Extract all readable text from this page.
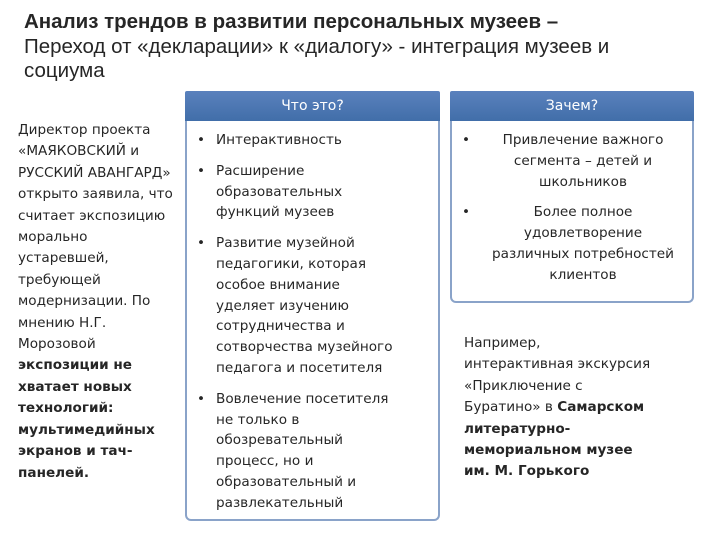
Анализ трендов в развитии персональных музеев –
Переход от «декларации» к «диалогу» - интеграция музеев и
социума
Директор проекта
«МАЯКОВСКИЙ и
РУССКИЙ АВАНГАРД»
открыто заявила, что
считает экспозицию
морально
устаревшей,
требующей
модернизации. По
мнению Н.Г.
Морозовой
экспозиции не
хватает новых
технологий:
мультимедийных
экранов и тач-
панелей.
Что это?
• Интерактивность
• Расширение
образовательных
функций музеев
• Развитие музейной
педагогики, которая
особое внимание
уделяет изучению
сотрудничества и
сотворчества музейного
педагога и посетителя
• Вовлечение посетителя
не только в
обозревательный
процесс, но и
образовательный и
развлекательный
Зачем?
• Привлечение важного
сегмента – детей и
школьников
• Более полное
удовлетворение
различных потребностей
клиентов
Например,
интерактивная экскурсия
«Приключение с
Буратино» в Самарском
литературно-
мемориальном музее
им. М. Горького
